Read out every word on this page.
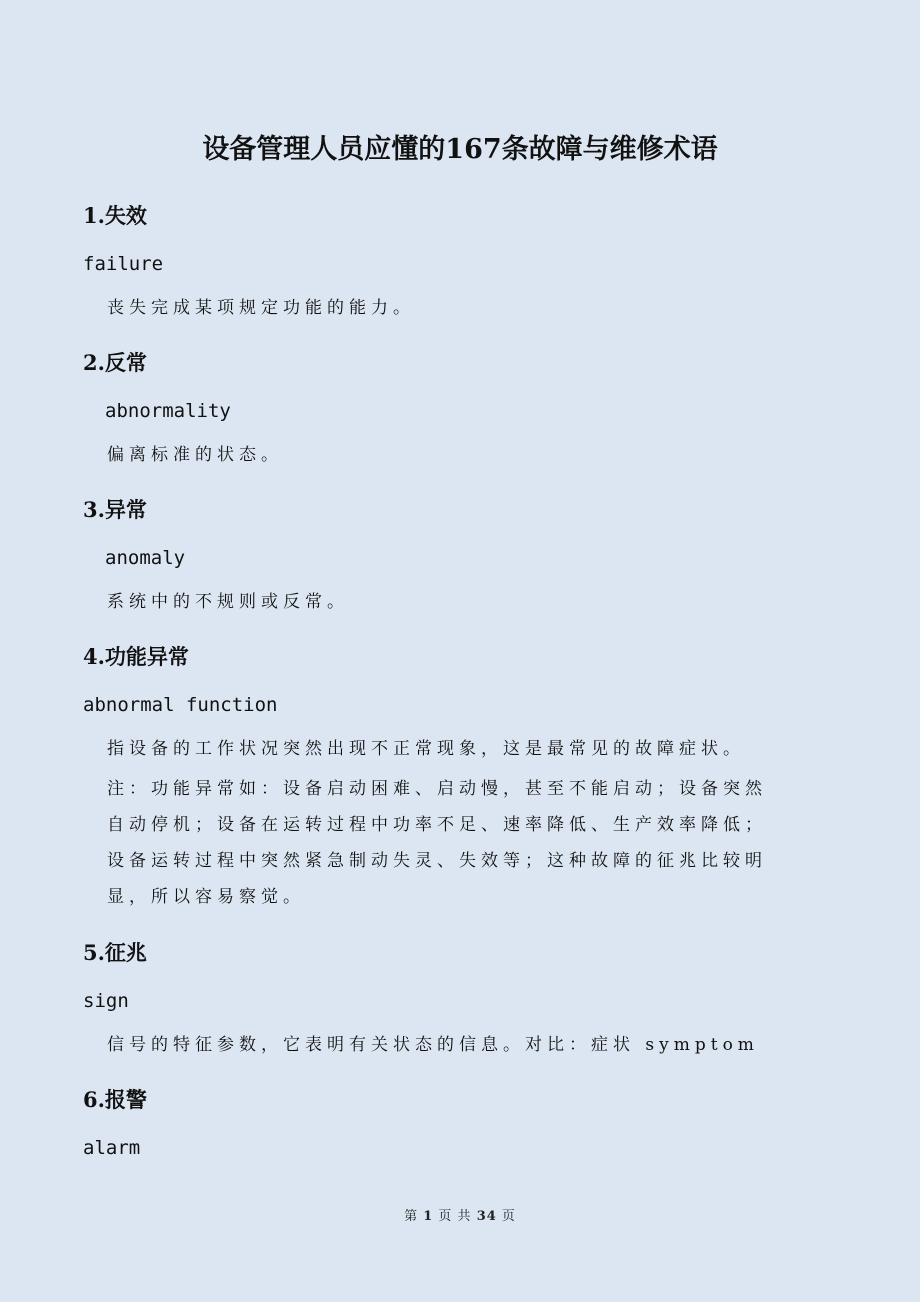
设备管理人员应懂的167条故障与维修术语
1.失效
failure
丧失完成某项规定功能的能力。
2.反常
abnormality
偏离标准的状态。
3.异常
anomaly
系统中的不规则或反常。
4.功能异常
abnormal function
指设备的工作状况突然出现不正常现象，这是最常见的故障症状。
注：功能异常如：设备启动困难、启动慢，甚至不能启动；设备突然
自动停机；设备在运转过程中功率不足、速率降低、生产效率降低；
设备运转过程中突然紧急制动失灵、失效等；这种故障的征兆比较明
显，所以容易察觉。
5.征兆
sign
信号的特征参数，它表明有关状态的信息。对比：症状 symptom
6.报警
alarm
第 1 页 共 34 页
